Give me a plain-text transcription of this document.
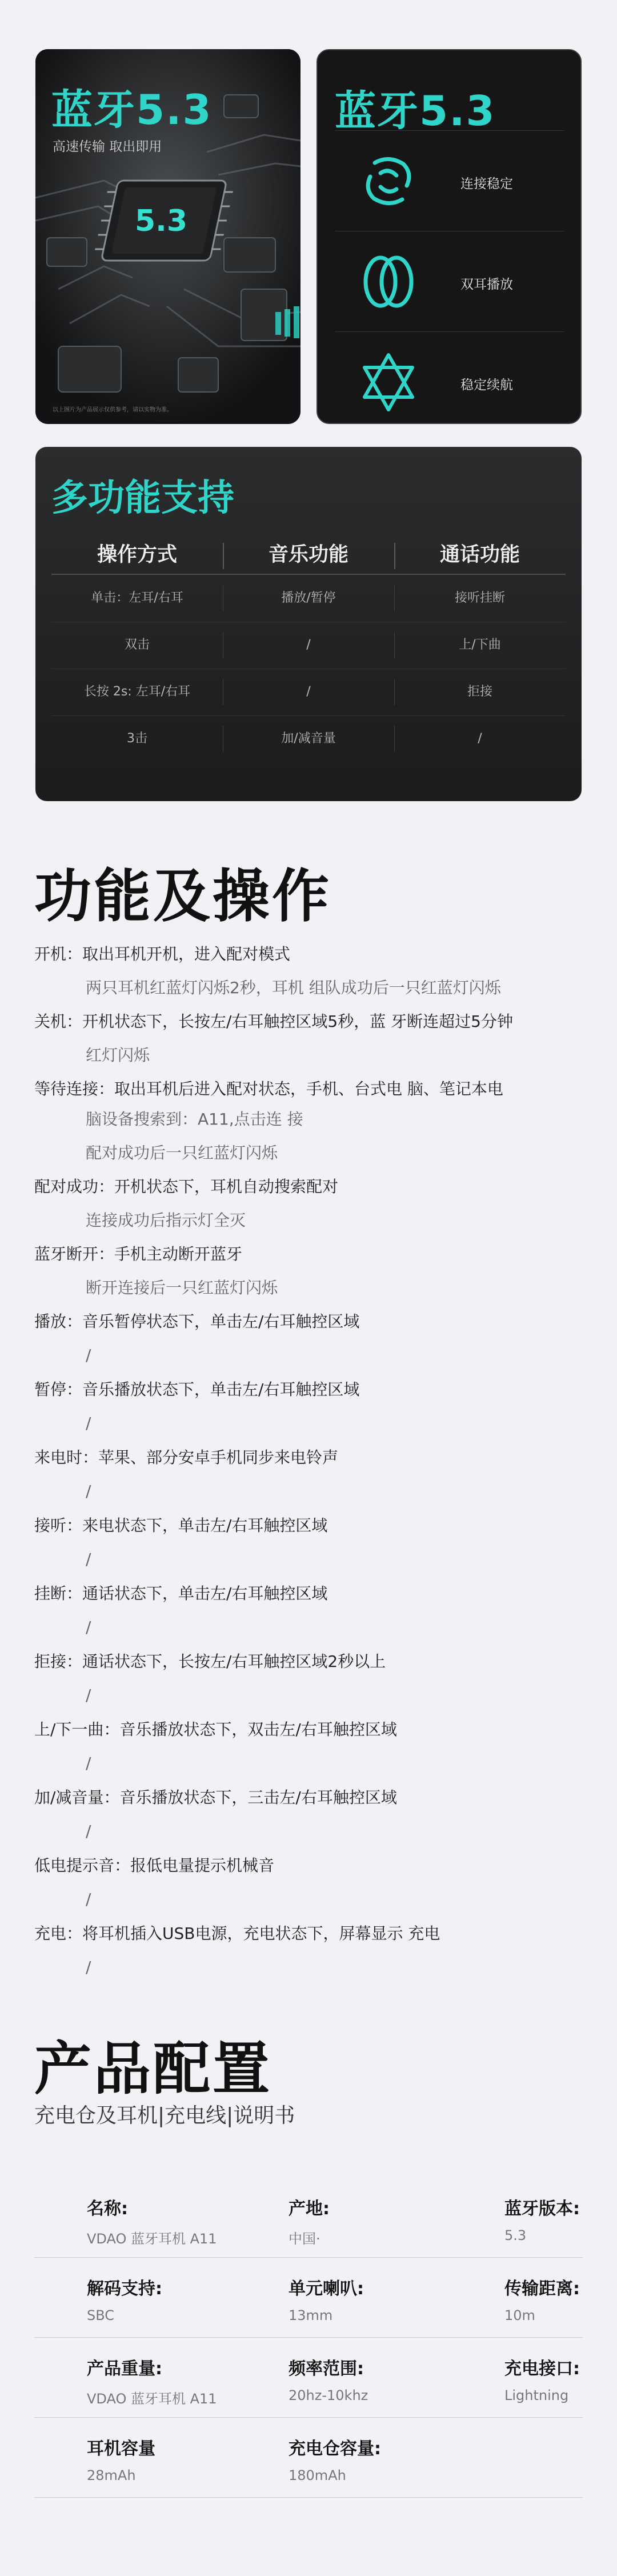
5.3
蓝牙5.3
高速传输 取出即用
以上图片为产品展示仅供参考，请以实物为准。
蓝牙5.3
连接稳定
双耳播放
稳定续航
多功能支持
操作方式	音乐功能	通话功能
单击：左耳/右耳	播放/暂停	接听挂断
双击	/	上/下曲
长按 2s: 左耳/右耳	/	拒接
3击	加/减音量	/
功能及操作
开机：取出耳机开机，进入配对模式
两只耳机红蓝灯闪烁2秒，耳机 组队成功后一只红蓝灯闪烁
关机：开机状态下，长按左/右耳触控区域5秒，蓝 牙断连超过5分钟
红灯闪烁
等待连接：取出耳机后进入配对状态，手机、台式电 脑、笔记本电
脑设备搜索到：A11,点击连 接
配对成功后一只红蓝灯闪烁
配对成功：开机状态下，耳机自动搜索配对
连接成功后指示灯全灭
蓝牙断开：手机主动断开蓝牙
断开连接后一只红蓝灯闪烁
播放：音乐暂停状态下，单击左/右耳触控区域
/
暂停：音乐播放状态下，单击左/右耳触控区域
/
来电时：苹果、部分安卓手机同步来电铃声
/
接听：来电状态下，单击左/右耳触控区域
/
挂断：通话状态下，单击左/右耳触控区域
/
拒接：通话状态下，长按左/右耳触控区域2秒以上
/
上/下一曲：音乐播放状态下，双击左/右耳触控区域
/
加/减音量：音乐播放状态下，三击左/右耳触控区域
/
低电提示音：报低电量提示机械音
/
充电：将耳机插入USB电源，充电状态下，屏幕显示 充电
/
产品配置
充电仓及耳机|充电线|说明书
名称:
VDAO 蓝牙耳机 A11
产地:
中国·
蓝牙版本:
5.3
解码支持:
SBC
单元喇叭:
13mm
传输距离:
10m
产品重量:
VDAO 蓝牙耳机 A11
频率范围:
20hz-10khz
充电接口:
Lightning
耳机容量
28mAh
充电仓容量:
180mAh
